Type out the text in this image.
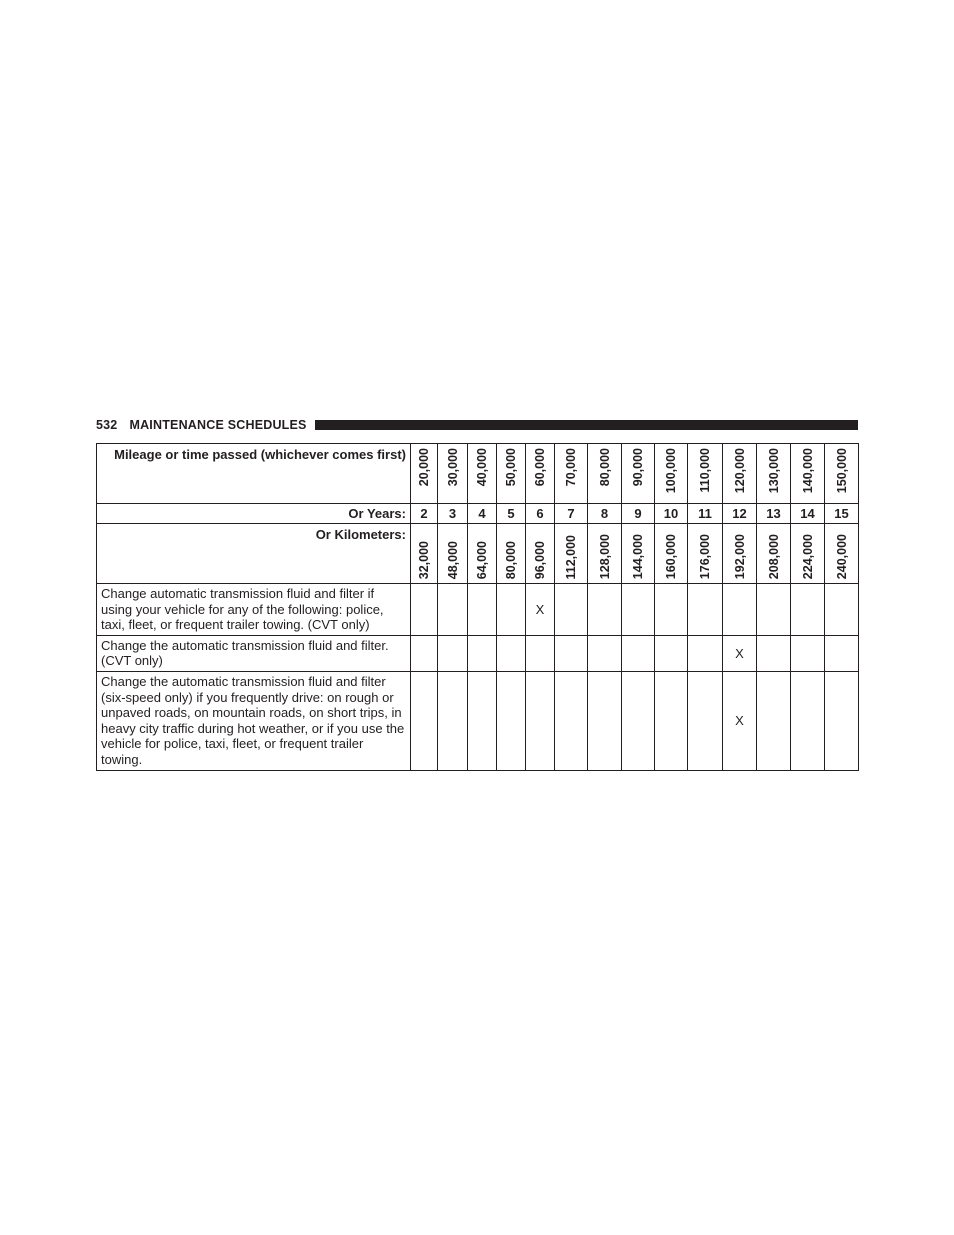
532 MAINTENANCE SCHEDULES
Mileage or time passed (whichever comes first)	20,000	30,000	40,000	50,000	60,000	70,000	80,000	90,000	100,000	110,000	120,000	130,000	140,000	150,000

Or Years:	2	3	4	5	6	7	8	9	10	11	12	13	14	15
Or Kilometers:	32,000	48,000	64,000	80,000	96,000	112,000	128,000	144,000	160,000	176,000	192,000	208,000	224,000	240,000

Change automatic transmission fluid and filter if using your vehicle for any of the following: police, taxi, fleet, or frequent trailer towing. (CVT only)					X									
Change the automatic transmission fluid and filter. (CVT only)											X			
Change the automatic transmission fluid and filter (six-speed only) if you frequently drive: on rough or unpaved roads, on mountain roads, on short trips, in heavy city traffic during hot weather, or if you use the vehicle for police, taxi, fleet, or frequent trailer towing.											X			
